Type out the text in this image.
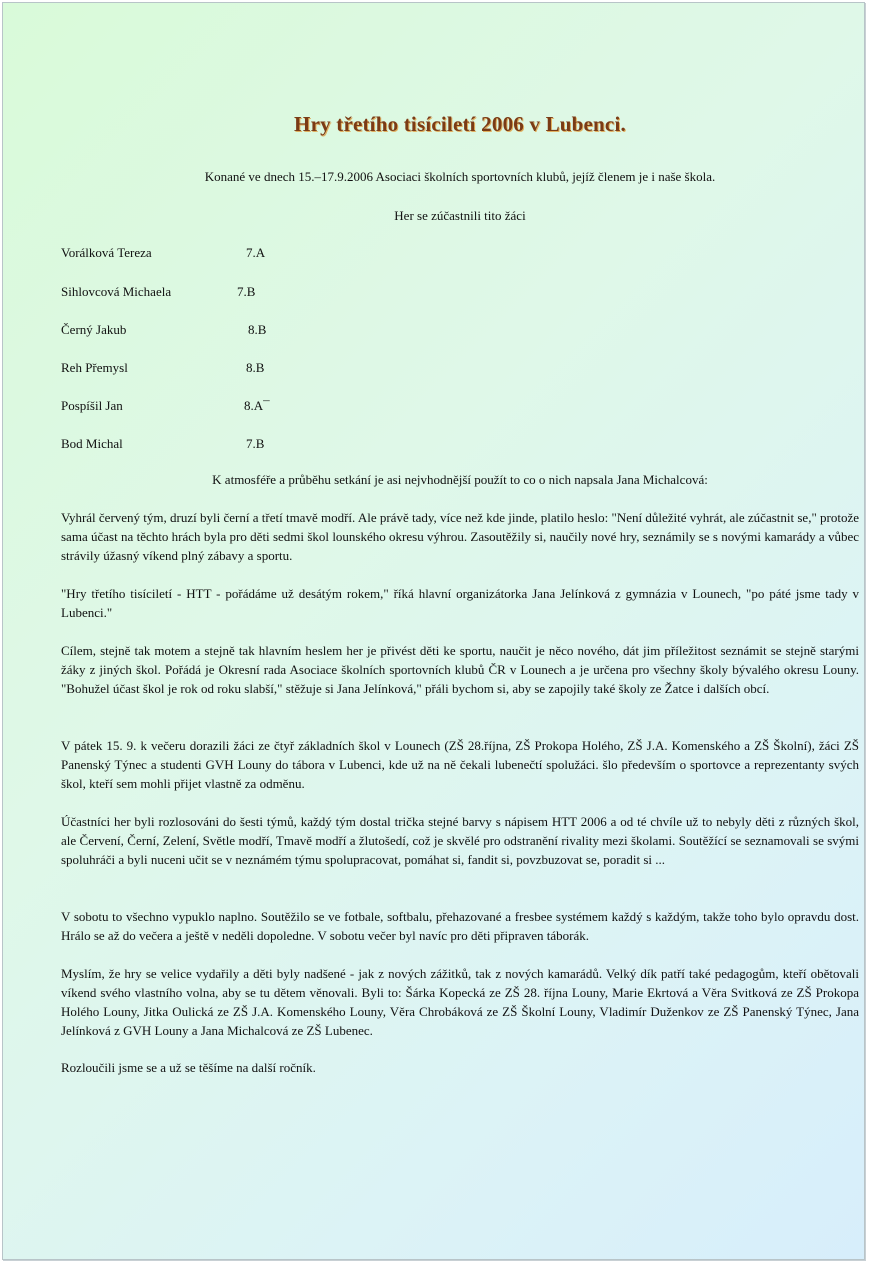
Hry třetího tisíciletí 2006 v Lubenci.
Konané ve dnech 15.–17.9.2006 Asociaci školních sportovních klubů, jejíž členem je i naše škola.
Her se zúčastnili tito žáci
Vorálková Tereza	7.A
Sihlovcová Michaela	7.B
Černý Jakub	8.B
Reh Přemysl	8.B
Pospíšil Jan	8.A¯
Bod Michal	7.B
K atmosféře a průběhu setkání je asi nejvhodnější použít to co o nich napsala Jana Michalcová:
Vyhrál červený tým, druzí byli černí a třetí tmavě modří. Ale právě tady, více než kde jinde, platilo heslo: "Není důležité vyhrát, ale zúčastnit se," protože sama účast na těchto hrách byla pro děti sedmi škol lounského okresu výhrou. Zasoutěžily si, naučily nové hry, seznámily se s novými kamarády a vůbec strávily úžasný víkend plný zábavy a sportu.
"Hry třetího tisíciletí - HTT - pořádáme už desátým rokem," říká hlavní organizátorka Jana Jelínková z gymnázia v Lounech, "po páté jsme tady v Lubenci."
Cílem, stejně tak motem a stejně tak hlavním heslem her je přivést děti ke sportu, naučit je něco nového, dát jim příležitost seznámit se stejně starými žáky z jiných škol. Pořádá je Okresní rada Asociace školních sportovních klubů ČR v Lounech a je určena pro všechny školy bývalého okresu Louny. "Bohužel účast škol je rok od roku slabší," stěžuje si Jana Jelínková," přáli bychom si, aby se zapojily také školy ze Žatce i dalších obcí.
V pátek 15. 9. k večeru dorazili žáci ze čtyř základních škol v Lounech (ZŠ 28.října, ZŠ Prokopa Holého, ZŠ J.A. Komenského a ZŠ Školní), žáci ZŠ Panenský Týnec a studenti GVH Louny do tábora v Lubenci, kde už na ně čekali lubenečtí spolužáci. šlo především o sportovce a reprezentanty svých škol, kteří sem mohli přijet vlastně za odměnu.
Účastníci her byli rozlosováni do šesti týmů, každý tým dostal trička stejné barvy s nápisem HTT 2006 a od té chvíle už to nebyly děti z různých škol, ale Červení, Černí, Zelení, Světle modří, Tmavě modří a žlutošedí, což je skvělé pro odstranění rivality mezi školami. Soutěžící se seznamovali se svými spoluhráči a byli nuceni učit se v neznámém týmu spolupracovat, pomáhat si, fandit si, povzbuzovat se, poradit si ...
V sobotu to všechno vypuklo naplno. Soutěžilo se ve fotbale, softbalu, přehazované a fresbee systémem každý s každým, takže toho bylo opravdu dost. Hrálo se až do večera a ještě v neděli dopoledne. V sobotu večer byl navíc pro děti připraven táborák.
Myslím, že hry se velice vydařily a děti byly nadšené - jak z nových zážitků, tak z nových kamarádů. Velký dík patří také pedagogům, kteří obětovali víkend svého vlastního volna, aby se tu dětem věnovali. Byli to: Šárka Kopecká ze ZŠ 28. října Louny, Marie Ekrtová a Věra Svitková ze ZŠ Prokopa Holého Louny, Jitka Oulická ze ZŠ J.A. Komenského Louny, Věra Chrobáková ze ZŠ Školní Louny, Vladimír Duženkov ze ZŠ Panenský Týnec, Jana Jelínková z GVH Louny a Jana Michalcová ze ZŠ Lubenec.
Rozloučili jsme se a už se těšíme na další ročník.
